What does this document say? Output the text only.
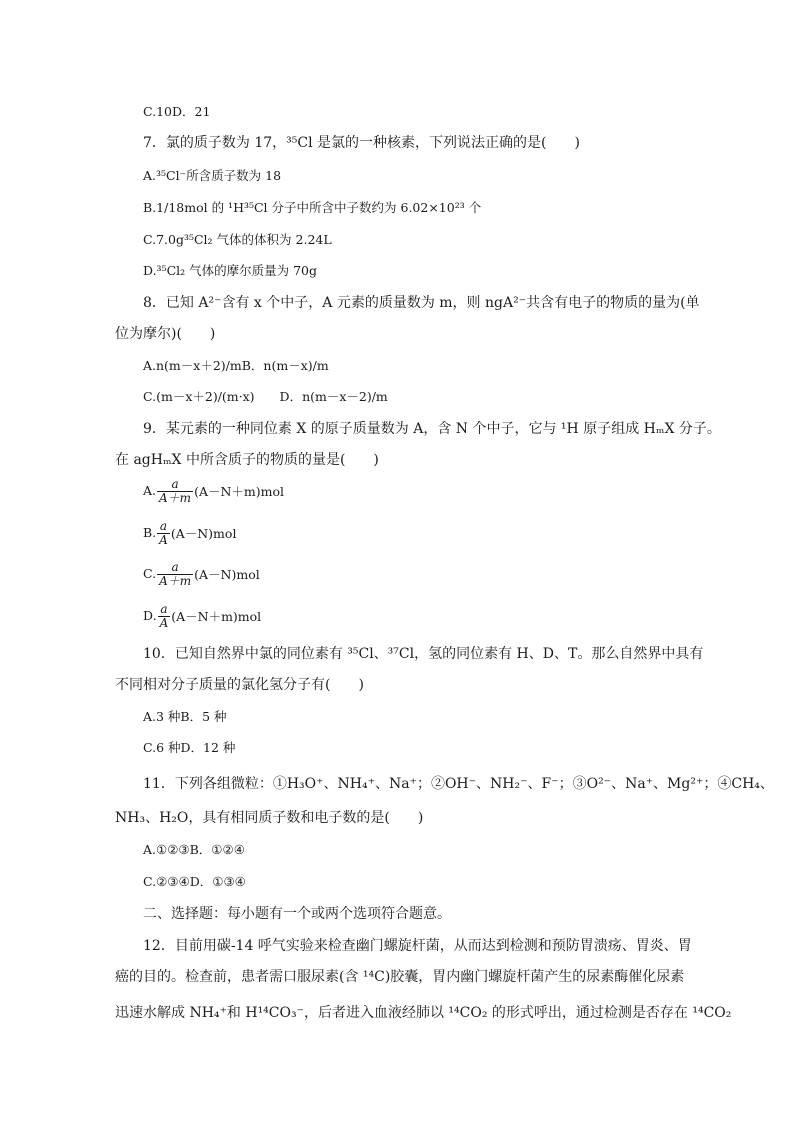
C.10D．21
7．氯的质子数为 17，³⁵Cl 是氯的一种核素，下列说法正确的是(　　)
A.³⁵Cl⁻所含质子数为 18
B.1/18mol 的 ¹H³⁵Cl 分子中所含中子数约为 6.02×10²³ 个
C.7.0g³⁵Cl₂ 气体的体积为 2.24L
D.³⁵Cl₂ 气体的摩尔质量为 70g
8．已知 A²⁻含有 x 个中子，A 元素的质量数为 m，则 ngA²⁻共含有电子的物质的量为(单
位为摩尔)(　　)
A.n(m－x＋2)/mB．n(m－x)/m
C.(m－x＋2)/(m·x)　　D．n(m－x－2)/m
9．某元素的一种同位素 X 的原子质量数为 A，含 N 个中子，它与 ¹H 原子组成 HₘX 分子。
在 agHₘX 中所含质子的物质的量是(　　)
A. $\frac{a}{A+m} (A-N+m)mol$
B. $\frac{a}{A} (A-N)mol$
C. $\frac{a}{A+m} (A-N)mol$
D. $\frac{a}{A} (A-N+m)mol$
10．已知自然界中氯的同位素有 ³⁵Cl、³⁷Cl，氢的同位素有 H、D、T。那么自然界中具有
不同相对分子质量的氯化氢分子有(　　)
A.3 种B．5 种
C.6 种D．12 种
11．下列各组微粒：①H₃O⁺、NH₄⁺、Na⁺；②OH⁻、NH₂⁻、F⁻；③O²⁻、Na⁺、Mg²⁺；④CH₄、
NH₃、H₂O，具有相同质子数和电子数的是(　　)
A.①②③B．①②④
C.②③④D．①③④
二、选择题：每小题有一个或两个选项符合题意。
12．目前用碳-14 呼气实验来检查幽门螺旋杆菌，从而达到检测和预防胃溃疡、胃炎、胃
癌的目的。检查前，患者需口服尿素(含 ¹⁴C)胶囊，胃内幽门螺旋杆菌产生的尿素酶催化尿素
迅速水解成 NH₄⁺和 H¹⁴CO₃⁻，后者进入血液经肺以 ¹⁴CO₂ 的形式呼出，通过检测是否存在 ¹⁴CO₂
